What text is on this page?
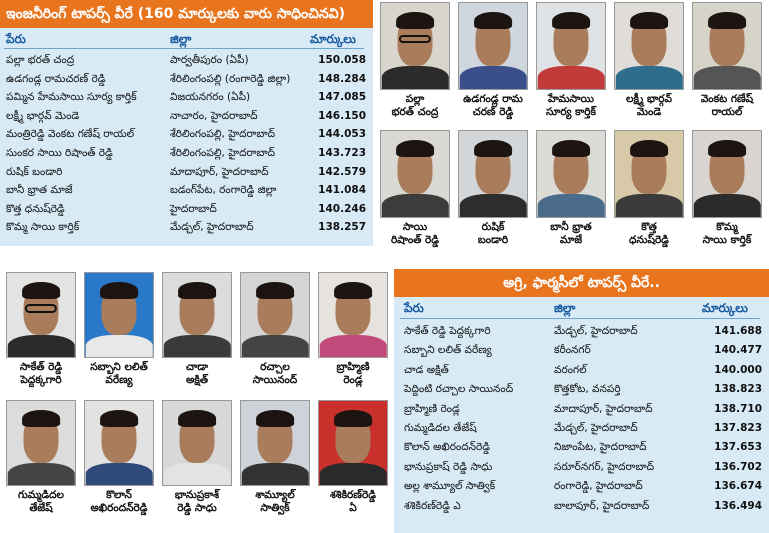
ఇంజనీరింగ్ టాపర్స్ వీరే (160 మార్కులకు వారు సాధించినవి)
పేరు	జిల్లా	మార్కులు
పల్లా భరత్ చంద్ర	పార్వతీపురం (ఏపీ)	150.058
ఉడగండ్ల రామచరణ్ రెడ్డి	శేరిలింగంపల్లి (రంగారెడ్డి జిల్లా)	148.284
పమ్మిన హేమసాయి సూర్య కార్తిక్	విజయనగరం (ఏపీ)	147.085
లక్ష్మీ భార్గవ్ మెండె	నాచారం, హైదరాబాద్	146.150
మంత్రిరెడ్డి వెంకట గణేష్ రాయల్	శేరిలింగంపల్లి, హైదరాబాద్	144.053
సుంకర సాయి రిషాంత్ రెడ్డి	శేరిలింగంపల్లి, హైదరాబాద్	143.723
రుషిక్ బండారి	మాదాపూర్, హైదరాబాద్	142.579
బానీ భ్రాత మాజే	బడంగ్‌పేట, రంగారెడ్డి జిల్లా	141.084
కొత్త ధనుష్‌రెడ్డి	హైదరాబాద్	140.246
కొమ్మ సాయి కార్తిక్	మేడ్చల్, హైదరాబాద్	138.257
పల్లా
భరత్ చంద్ర
ఉడగండ్ల రామ
చరణ్ రెడ్డి
హేమసాయి
సూర్య కార్తిక్
లక్ష్మీ భార్గవ్
మెండె
వెంకట గణేష్
రాయల్
సాయి
రిషాంత్ రెడ్డి
రుషిక్
బండారి
బానీ భ్రాత
మాజే
కొత్త
ధనుష్‌రెడ్డి
కొమ్మ
సాయి కార్తిక్
అగ్రి, ఫార్మసీలో టాపర్స్ వీరే..
పేరు	జిల్లా	మార్కులు
సాకేత్ రెడ్డి పెద్దక్కగారి	మేడ్చల్, హైదరాబాద్	141.688
సబ్బాని లలిత్ వరేణ్య	కరీంనగర్	140.477
చాడ అక్షిత్	వరంగల్	140.000
పెద్దింటి రచ్చాల సాయినంద్	కొత్తకోట, వనపర్తి	138.823
బ్రాహ్మిణి రెండ్ల	మాదాపూర్, హైదరాబాద్	138.710
గుమ్మడిదల తేజేష్	మేడ్చల్, హైదరాబాద్	137.823
కొలాన్ అఖిరందన్‌రెడ్డి	నిజాంపేట, హైదరాబాద్	137.653
భానుప్రకాష్ రెడ్డి సాధు	సరూర్‌నగర్, హైదరాబాద్	136.702
అల్ల శామ్యూల్ సాత్విక్	రంగారెడ్డి, హైదరాబాద్	136.674
శశికిరణ్‌రెడ్డి ఎ	బాలాపూర్, హైదరాబాద్	136.494
సాకేత్ రెడ్డి
పెద్దక్కగారి
సబ్బాని లలిత్
వరేణ్య
చాడా
అక్షిత్
రచ్చాల
సాయినంద్
బ్రాహ్మిణి
రెండ్ల
గుమ్మడిదల
తేజేష్
కొలాన్
అఖిరందన్‌రెడ్డి
భానుప్రకాశ్
రెడ్డి సాధు
శామ్యూల్
సాత్విక్
శశికిరణ్‌రెడ్డి
ఏ
